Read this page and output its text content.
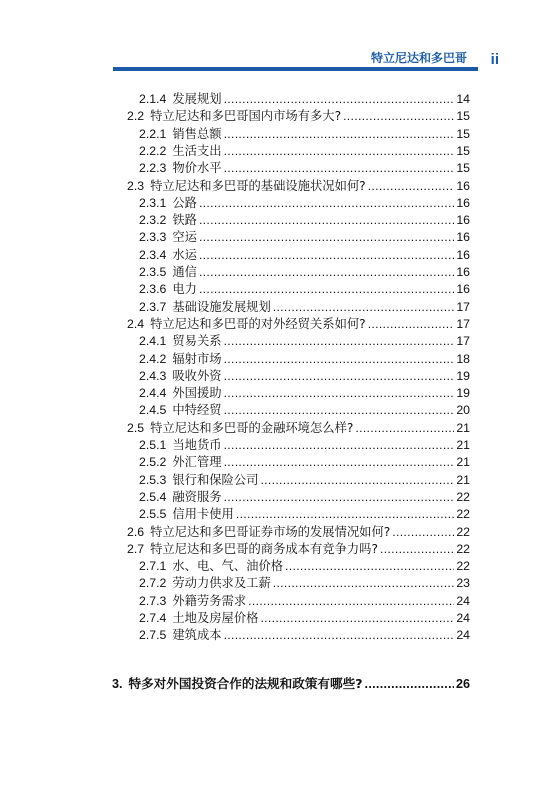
特立尼达和多巴哥 ii
2.1.4 发展规划 .....	14
2.2 特立尼达和多巴哥国内市场有多大? .....	15
2.2.1 销售总额 .....	15
2.2.2 生活支出 .....	15
2.2.3 物价水平 .....	15
2.3 特立尼达和多巴哥的基础设施状况如何? .....	16
2.3.1 公路 .....	16
2.3.2 铁路 .....	16
2.3.3 空运 .....	16
2.3.4 水运 .....	16
2.3.5 通信 .....	16
2.3.6 电力 .....	16
2.3.7 基础设施发展规划 .....	17
2.4 特立尼达和多巴哥的对外经贸关系如何? .....	17
2.4.1 贸易关系 .....	17
2.4.2 辐射市场 .....	18
2.4.3 吸收外资 .....	19
2.4.4 外国援助 .....	19
2.4.5 中特经贸 .....	20
2.5 特立尼达和多巴哥的金融环境怎么样? .....	21
2.5.1 当地货币 .....	21
2.5.2 外汇管理 .....	21
2.5.3 银行和保险公司 .....	21
2.5.4 融资服务 .....	22
2.5.5 信用卡使用 .....	22
2.6 特立尼达和多巴哥证券市场的发展情况如何? .....	22
2.7 特立尼达和多巴哥的商务成本有竞争力吗? .....	22
2.7.1 水、电、气、油价格 .....	22
2.7.2 劳动力供求及工薪 .....	23
2.7.3 外籍劳务需求 .....	24
2.7.4 土地及房屋价格 .....	24
2.7.5 建筑成本 .....	24
3. 特多对外国投资合作的法规和政策有哪些? .....	26
